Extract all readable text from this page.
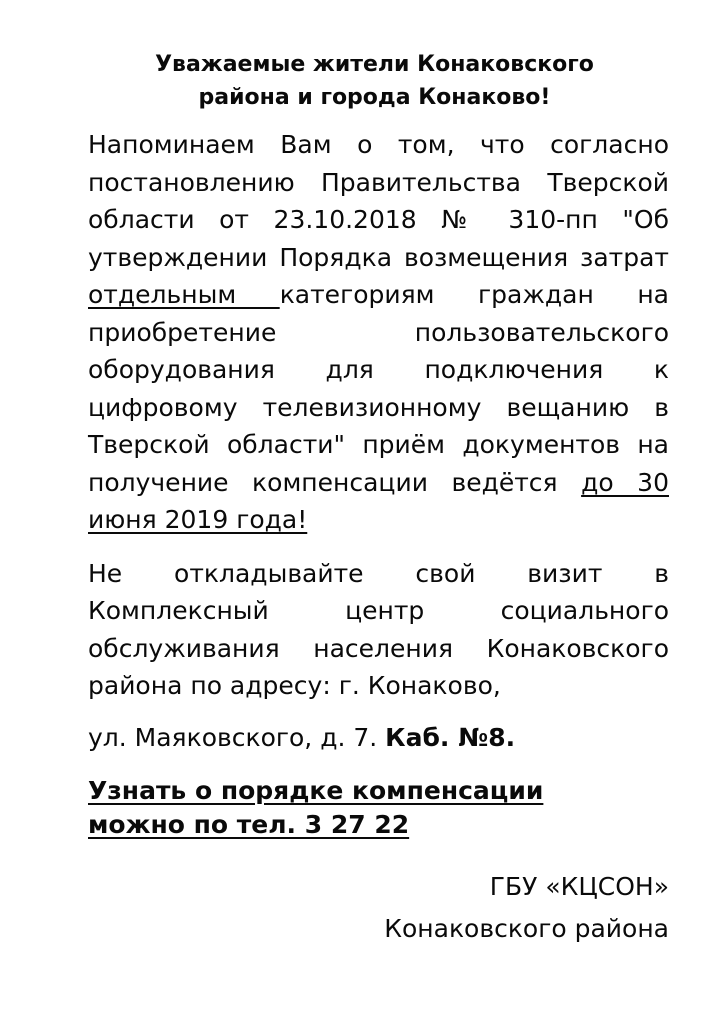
Уважаемые жители Конаковского
района и города Конаково!

Напоминаем Вам о том, что согласно постановлению Правительства Тверской области от 23.10.2018 № 310-пп "Об утверждении Порядка возмещения затрат отдельным категориям граждан на приобретение пользовательского оборудования для подключения к цифровому телевизионному вещанию в Тверской области" приём документов на получение компенсации ведётся до 30 июня 2019 года!

Не откладывайте свой визит в Комплексный центр социального обслуживания населения Конаковского района по адресу: г. Конаково,

ул. Маяковского, д. 7. Каб. №8.

Узнать о порядке компенсации
можно по тел. 3 27 22
ГБУ «КЦСОН»
Конаковского района
